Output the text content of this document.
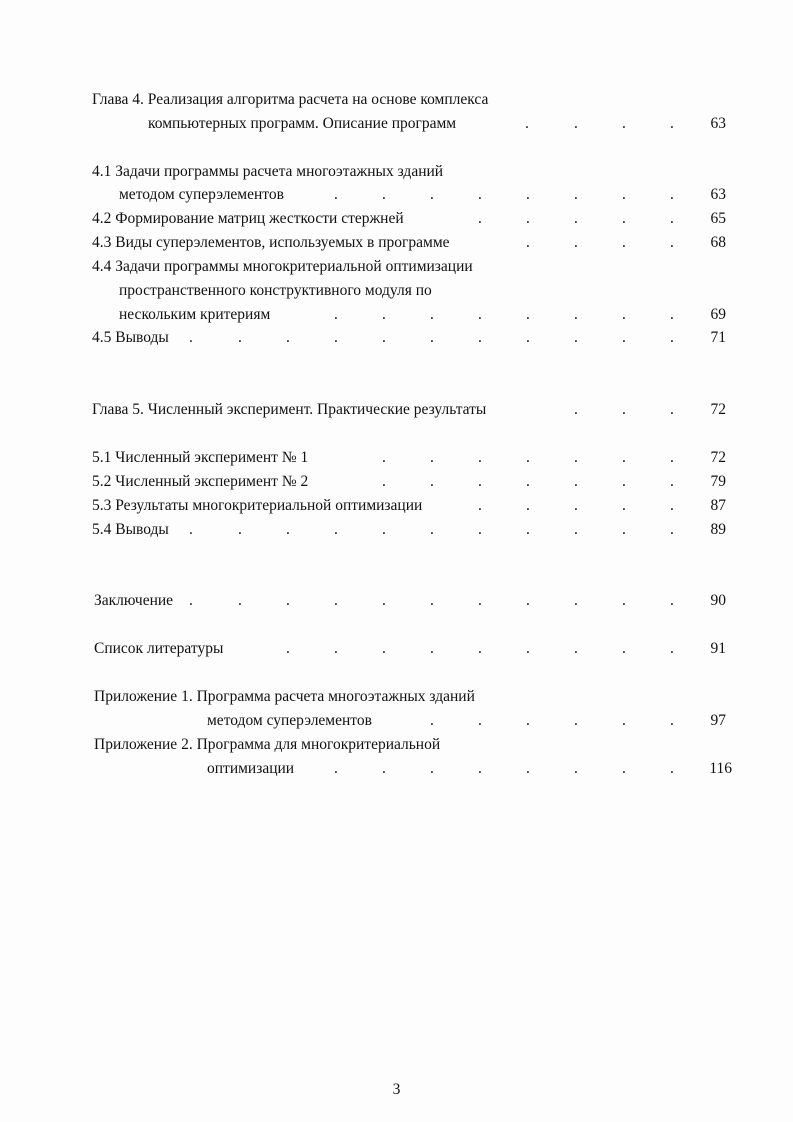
Глава 4. Реализация алгоритма расчета на основе комплекса
компьютерных программ. Описание программ	.	.	.	.	63
4.1 Задачи программы расчета многоэтажных зданий
методом суперэлементов	.	.	.	.	.	.	.	.	63
4.2 Формирование матриц жесткости стержней	.	.	.	.	.	65
4.3 Виды суперэлементов, используемых в программе	.	.	.	.	68
4.4 Задачи программы многокритериальной оптимизации
пространственного конструктивного модуля по
нескольким критериям	.	.	.	.	.	.	.	.	69
4.5 Выводы .	.	.	.	.	.	.	.	.	.	.	71
Глава 5. Численный эксперимент. Практические результаты	.	.	.	72
5.1 Численный эксперимент № 1	.	.	.	.	.	.	.	72
5.2 Численный эксперимент № 2	.	.	.	.	.	.	.	79
5.3 Результаты многокритериальной оптимизации	.	.	.	.	.	87
5.4 Выводы .	.	.	.	.	.	.	.	.	.	.	89
Заключение .	.	.	.	.	.	.	.	.	.	.	90
Список литературы	.	.	.	.	.	.	.	.	.	91
Приложение 1. Программа расчета многоэтажных зданий
методом суперэлементов	.	.	.	.	.	.	97
Приложение 2. Программа для многокритериальной
оптимизации	.	.	.	.	.	.	.	.	116
3
